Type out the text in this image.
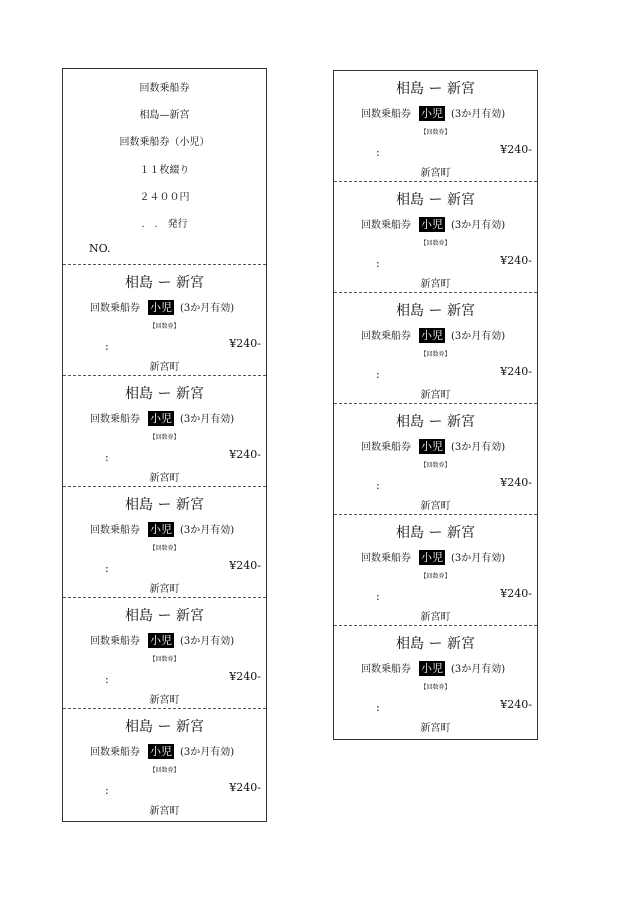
回数乗船券
相島—新宮
回数乗船券（小児）
１１枚綴り
２４００円
.　.　発行
NO.
相島 ー 新宮
回数乗船券 小児 (3か月有効)
【回数券】
:	¥240-
新宮町
相島 ー 新宮
回数乗船券 小児 (3か月有効)
【回数券】
:	¥240-
新宮町
相島 ー 新宮
回数乗船券 小児 (3か月有効)
【回数券】
:	¥240-
新宮町
相島 ー 新宮
回数乗船券 小児 (3か月有効)
【回数券】
:	¥240-
新宮町
相島 ー 新宮
回数乗船券 小児 (3か月有効)
【回数券】
:	¥240-
新宮町
相島 ー 新宮
回数乗船券 小児 (3か月有効)
【回数券】
:	¥240-
新宮町
相島 ー 新宮
回数乗船券 小児 (3か月有効)
【回数券】
:	¥240-
新宮町
相島 ー 新宮
回数乗船券 小児 (3か月有効)
【回数券】
:	¥240-
新宮町
相島 ー 新宮
回数乗船券 小児 (3か月有効)
【回数券】
:	¥240-
新宮町
相島 ー 新宮
回数乗船券 小児 (3か月有効)
【回数券】
:	¥240-
新宮町
相島 ー 新宮
回数乗船券 小児 (3か月有効)
【回数券】
:	¥240-
新宮町
